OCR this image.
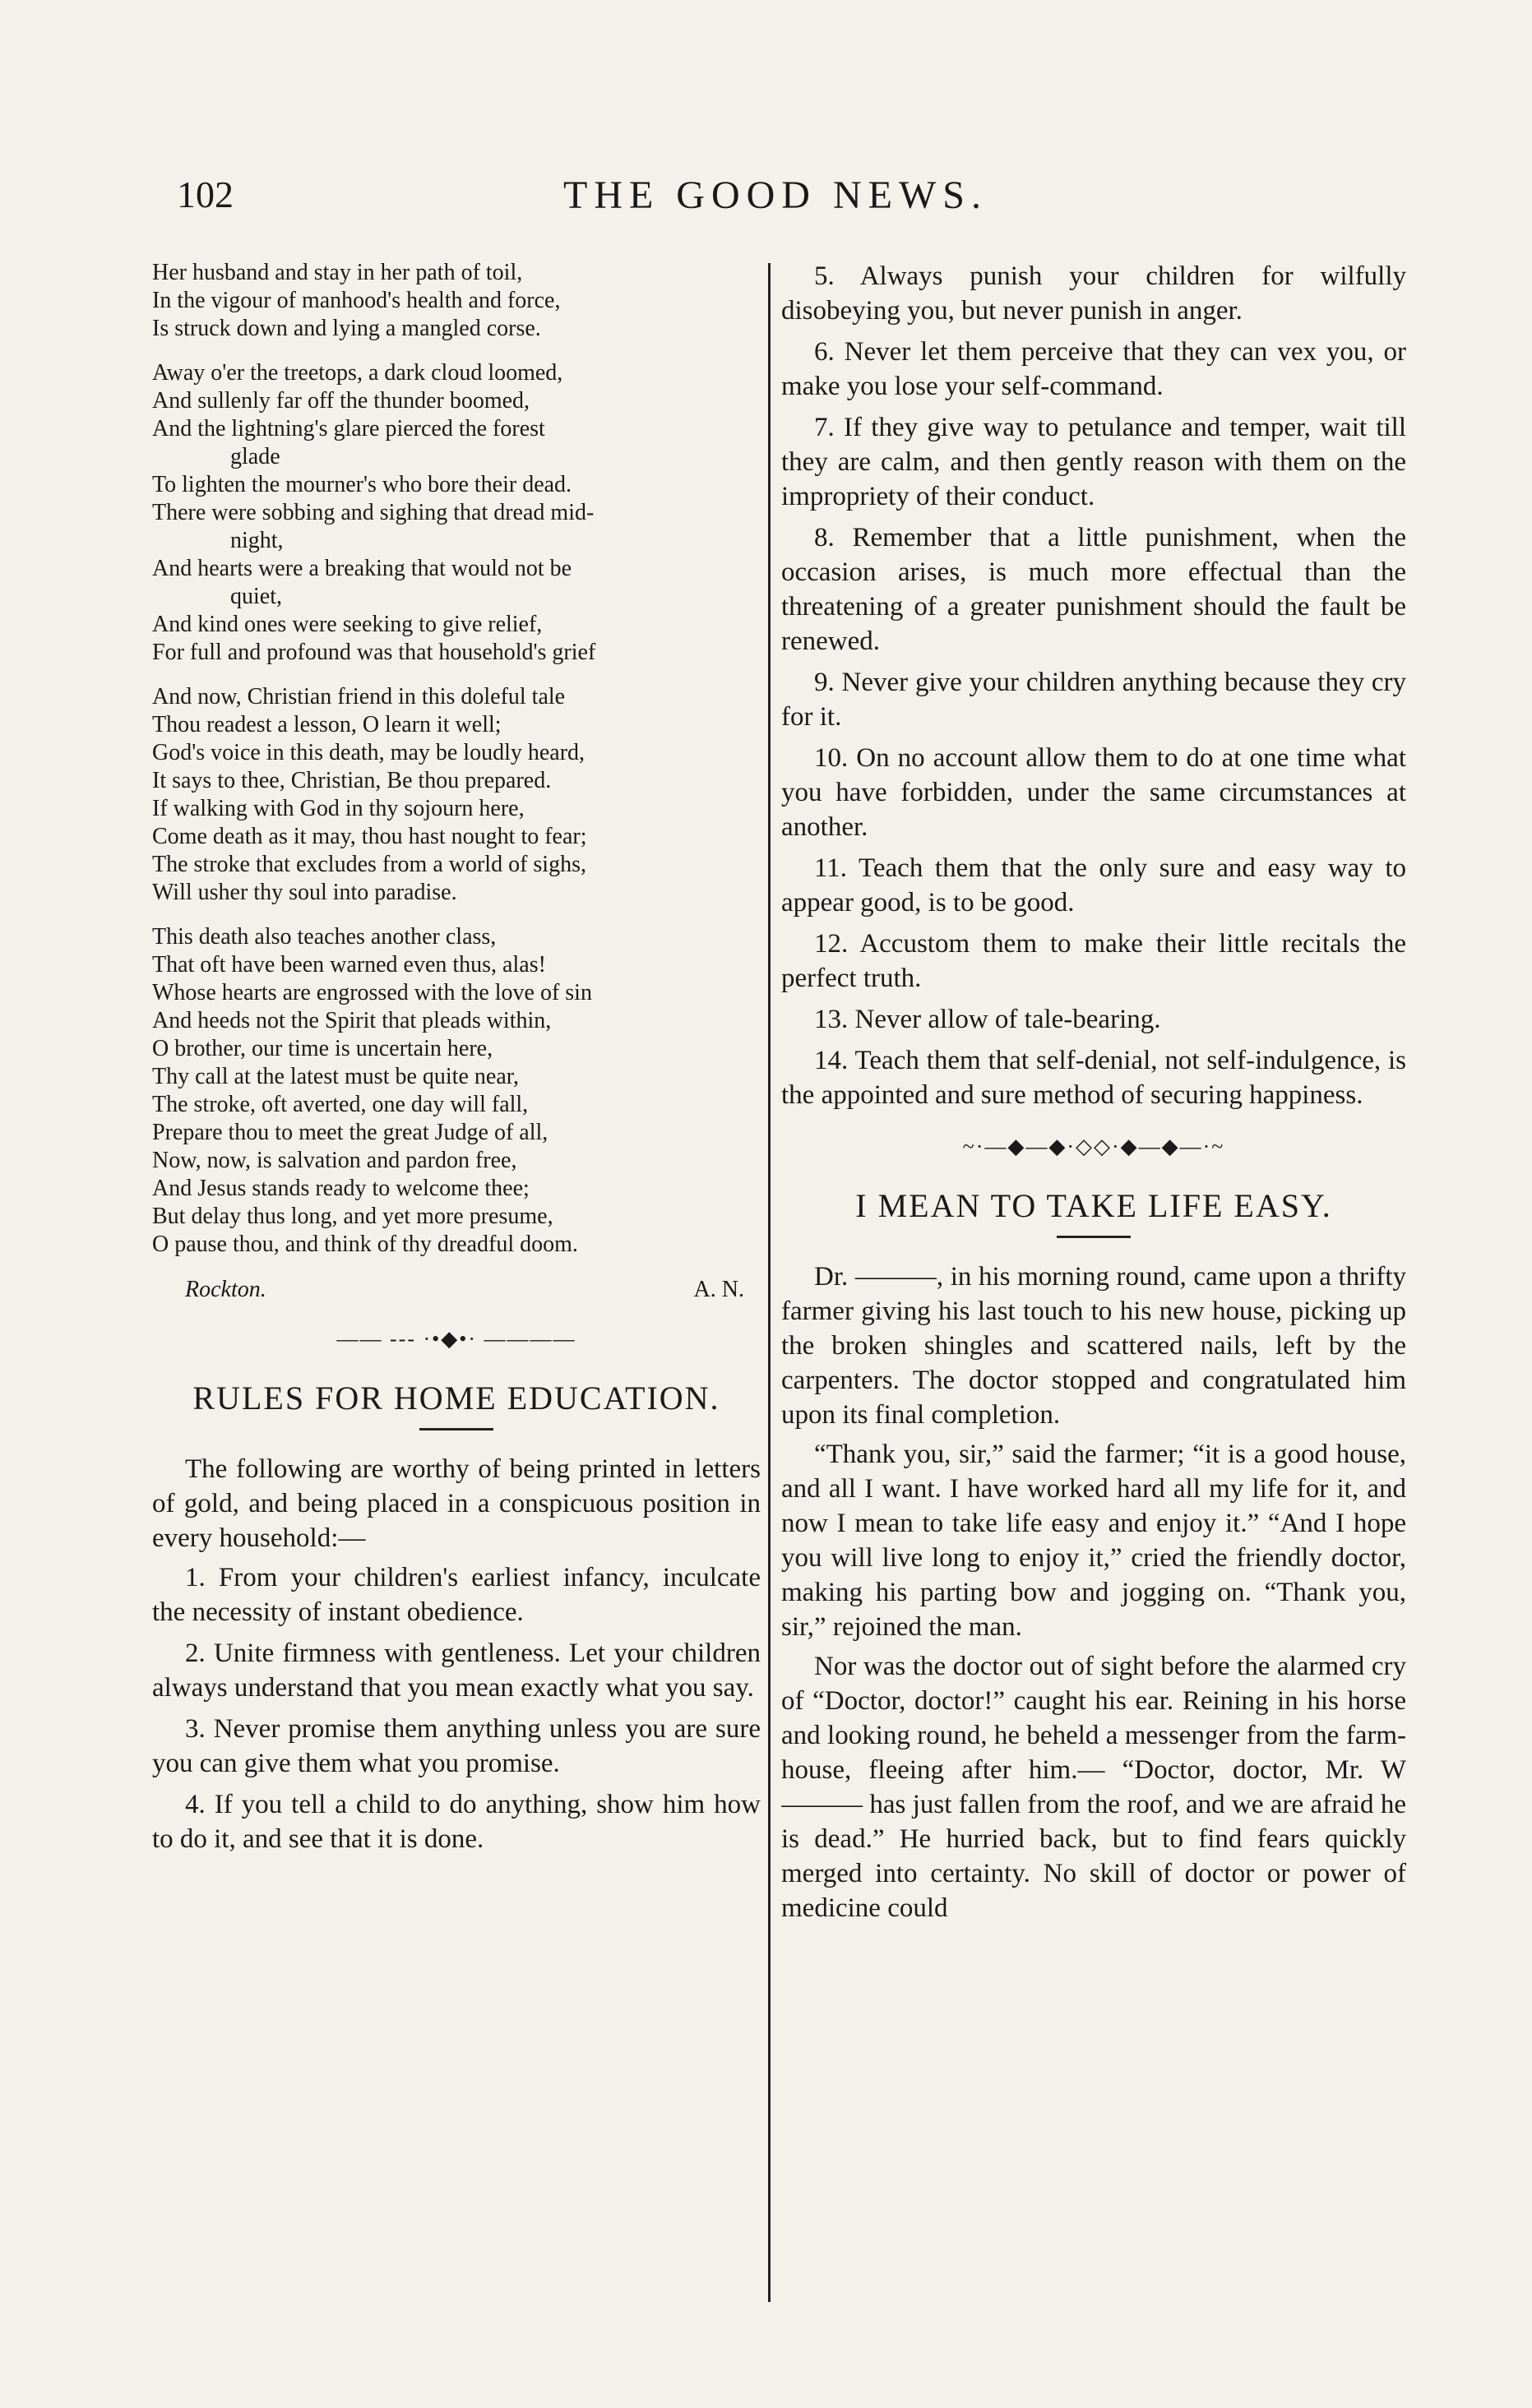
102	THE GOOD NEWS.

Her husband and stay in her path of toil,

In the vigour of manhood's health and force,

Is struck down and lying a mangled corse.

Away o'er the treetops, a dark cloud loomed,

And sullenly far off the thunder boomed,

And the lightning's glare pierced the forest

glade

To lighten the mourner's who bore their dead.

There were sobbing and sighing that dread mid-

night,

And hearts were a breaking that would not be

quiet,

And kind ones were seeking to give relief,

For full and profound was that household's grief

And now, Christian friend in this doleful tale

Thou readest a lesson, O learn it well;

God's voice in this death, may be loudly heard,

It says to thee, Christian, Be thou prepared.

If walking with God in thy sojourn here,

Come death as it may, thou hast nought to fear;

The stroke that excludes from a world of sighs,

Will usher thy soul into paradise.

This death also teaches another class,

That oft have been warned even thus, alas!

Whose hearts are engrossed with the love of sin

And heeds not the Spirit that pleads within,

O brother, our time is uncertain here,

Thy call at the latest must be quite near,

The stroke, oft averted, one day will fall,

Prepare thou to meet the great Judge of all,

Now, now, is salvation and pardon free,

And Jesus stands ready to welcome thee;

But delay thus long, and yet more presume,

O pause thou, and think of thy dreadful doom.

Rockton.	A. N.
—— ‐‐‐ ·•◆•· ————
RULES FOR HOME EDUCATION.

The following are worthy of being printed in letters of gold, and being placed in a conspicuous position in every household:—

1. From your children's earliest infancy, inculcate the necessity of instant obedience.

2. Unite firmness with gentleness. Let your children always understand that you mean exactly what you say.

3. Never promise them anything unless you are sure you can give them what you promise.

4. If you tell a child to do anything, show him how to do it, and see that it is done.

5. Always punish your children for wilfully disobeying you, but never punish in anger.

6. Never let them perceive that they can vex you, or make you lose your self-command.

7. If they give way to petulance and temper, wait till they are calm, and then gently reason with them on the impropriety of their conduct.

8. Remember that a little punishment, when the occasion arises, is much more effectual than the threatening of a greater punishment should the fault be renewed.

9. Never give your children anything because they cry for it.

10. On no account allow them to do at one time what you have forbidden, under the same circumstances at another.

11. Teach them that the only sure and easy way to appear good, is to be good.

12. Accustom them to make their little recitals the perfect truth.

13. Never allow of tale-bearing.

14. Teach them that self-denial, not self-indulgence, is the appointed and sure method of securing happiness.

~·—◆—◆·◇◇·◆—◆—·~
I MEAN TO TAKE LIFE EASY.

Dr. ———, in his morning round, came upon a thrifty farmer giving his last touch to his new house, picking up the broken shingles and scattered nails, left by the carpenters. The doctor stopped and congratulated him upon its final completion.

“Thank you, sir,” said the farmer; “it is a good house, and all I want. I have worked hard all my life for it, and now I mean to take life easy and enjoy it.” “And I hope you will live long to enjoy it,” cried the friendly doctor, making his parting bow and jogging on. “Thank you, sir,” rejoined the man.

Nor was the doctor out of sight before the alarmed cry of “Doctor, doctor!” caught his ear. Reining in his horse and looking round, he beheld a messenger from the farm-house, fleeing after him.— “Doctor, doctor, Mr. W——— has just fallen from the roof, and we are afraid he is dead.” He hurried back, but to find fears quickly merged into certainty. No skill of doctor or power of medicine could
